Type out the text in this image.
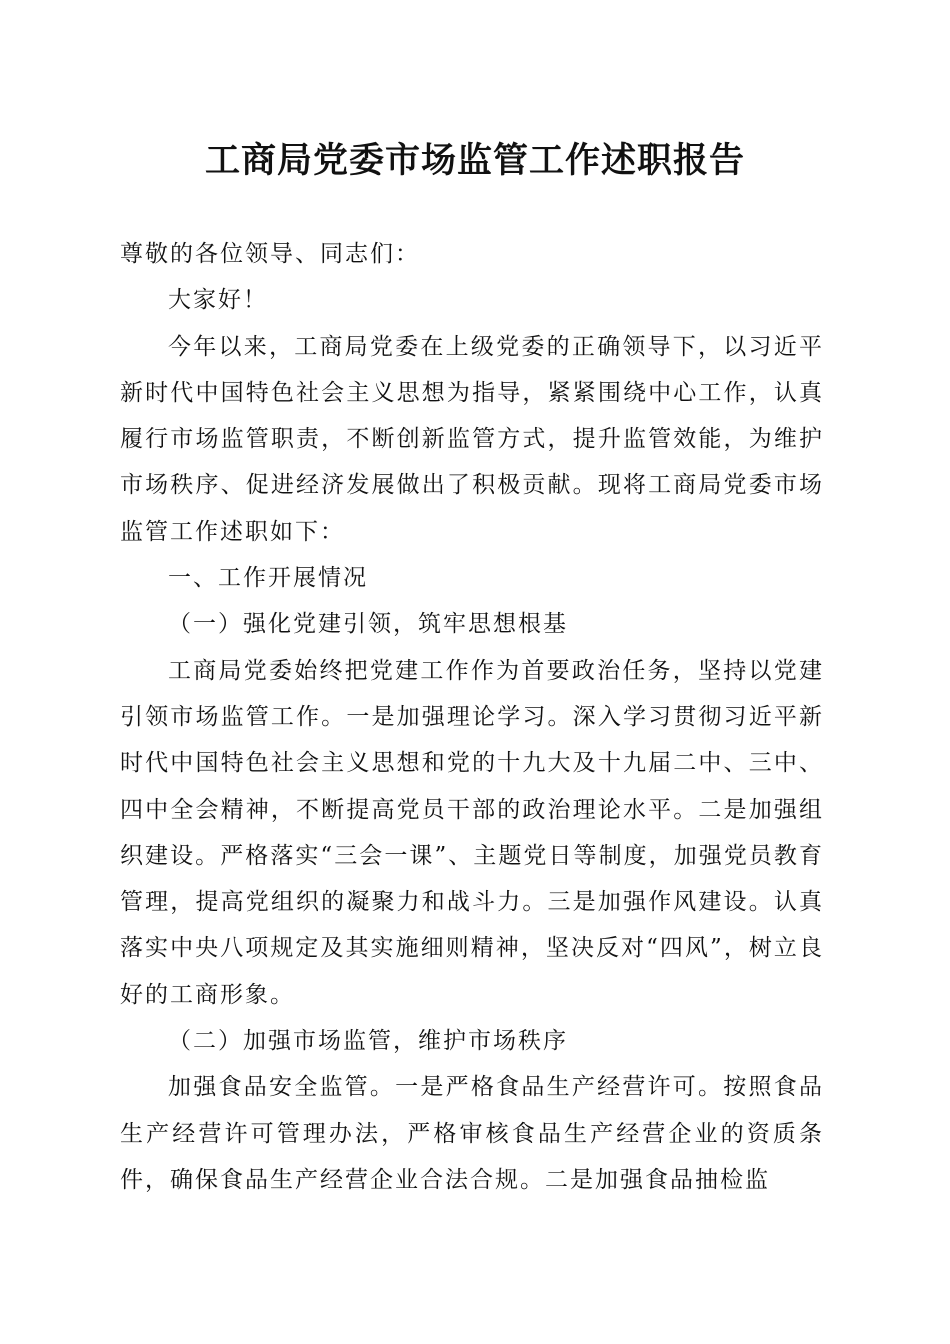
工商局党委市场监管工作述职报告

尊敬的各位领导、同志们：

大家好！

今年以来，工商局党委在上级党委的正确领导下，以习近平新时代中国特色社会主义思想为指导，紧紧围绕中心工作，认真履行市场监管职责，不断创新监管方式，提升监管效能，为维护市场秩序、促进经济发展做出了积极贡献。现将工商局党委市场监管工作述职如下：

一、工作开展情况

（一）强化党建引领，筑牢思想根基

工商局党委始终把党建工作作为首要政治任务，坚持以党建引领市场监管工作。一是加强理论学习。深入学习贯彻习近平新时代中国特色社会主义思想和党的十九大及十九届二中、三中、四中全会精神，不断提高党员干部的政治理论水平。二是加强组织建设。严格落实“三会一课”、主题党日等制度，加强党员教育管理，提高党组织的凝聚力和战斗力。三是加强作风建设。认真落实中央八项规定及其实施细则精神，坚决反对“四风”，树立良好的工商形象。

（二）加强市场监管，维护市场秩序

加强食品安全监管。一是严格食品生产经营许可。按照食品生产经营许可管理办法，严格审核食品生产经营企业的资质条件，确保食品生产经营企业合法合规。二是加强食品抽检监
